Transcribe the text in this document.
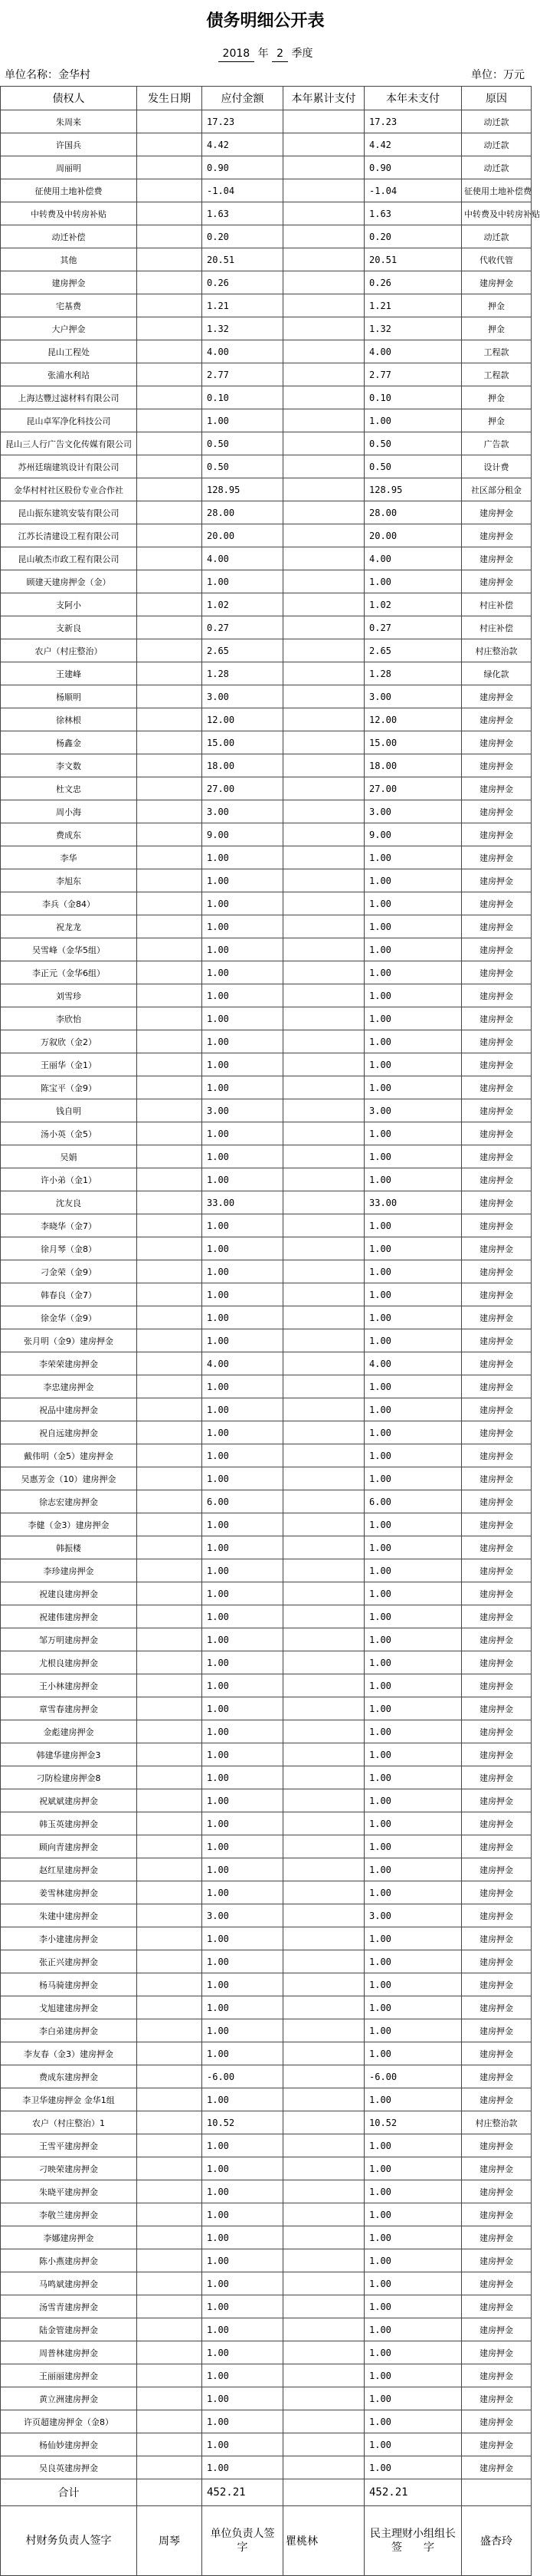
债务明细公开表
2018 年 2 季度
单位名称：金华村	单位：万元
债权人	发生日期	应付金额	本年累计支付	本年未支付	原因
朱周来		17.23		17.23	动迁款
许国兵		4.42		4.42	动迁款
周丽明		0.90		0.90	动迁款
征使用土地补偿费		-1.04		-1.04	征使用土地补偿费
中转费及中转房补贴		1.63		1.63	中转费及中转房补贴
动迁补偿		0.20		0.20	动迁款
其他		20.51		20.51	代收代管
建房押金		0.26		0.26	建房押金
宅基费		1.21		1.21	押金
大户押金		1.32		1.32	押金
昆山工程处		4.00		4.00	工程款
张浦水利站		2.77		2.77	工程款
上海达豐过滤材料有限公司		0.10		0.10	押金
昆山卓军净化科技公司		1.00		1.00	押金
昆山三人行广告文化传媒有限公司		0.50		0.50	广告款
苏州廷瑞建筑设计有限公司		0.50		0.50	设计费
金华村村社区股份专业合作社		128.95		128.95	社区部分租金
昆山振东建筑安装有限公司		28.00		28.00	建房押金
江苏长清建设工程有限公司		20.00		20.00	建房押金
昆山敏杰市政工程有限公司		4.00		4.00	建房押金
顾建天建房押金（金）		1.00		1.00	建房押金
支阿小		1.02		1.02	村庄补偿
支新良		0.27		0.27	村庄补偿
农户（村庄整治）		2.65		2.65	村庄整治款
王建峰		1.28		1.28	绿化款
杨顺明		3.00		3.00	建房押金
徐林根		12.00		12.00	建房押金
杨鑫金		15.00		15.00	建房押金
李文数		18.00		18.00	建房押金
杜文忠		27.00		27.00	建房押金
周小海		3.00		3.00	建房押金
费成东		9.00		9.00	建房押金
李华		1.00		1.00	建房押金
李旭东		1.00		1.00	建房押金
李兵（金84）		1.00		1.00	建房押金
祝龙龙		1.00		1.00	建房押金
吴雪峰（金华5组）		1.00		1.00	建房押金
李正元（金华6组）		1.00		1.00	建房押金
刘雪珍		1.00		1.00	建房押金
李欣怡		1.00		1.00	建房押金
万叙欣（金2）		1.00		1.00	建房押金
王丽华（金1）		1.00		1.00	建房押金
陈宝平（金9）		1.00		1.00	建房押金
钱自明		3.00		3.00	建房押金
汤小英（金5）		1.00		1.00	建房押金
吴娟		1.00		1.00	建房押金
许小弟（金1）		1.00		1.00	建房押金
沈友良		33.00		33.00	建房押金
李晓华（金7）		1.00		1.00	建房押金
徐月琴（金8）		1.00		1.00	建房押金
刁金荣（金9）		1.00		1.00	建房押金
韩春良（金7）		1.00		1.00	建房押金
徐金华（金9）		1.00		1.00	建房押金
张月明（金9）建房押金		1.00		1.00	建房押金
李荣荣建房押金		4.00		4.00	建房押金
李忠建房押金		1.00		1.00	建房押金
祝品中建房押金		1.00		1.00	建房押金
祝自远建房押金		1.00		1.00	建房押金
戴伟明（金5）建房押金		1.00		1.00	建房押金
吴惠芳金（10）建房押金		1.00		1.00	建房押金
徐志宏建房押金		6.00		6.00	建房押金
李健（金3）建房押金		1.00		1.00	建房押金
韩振楼		1.00		1.00	建房押金
李珍建房押金		1.00		1.00	建房押金
祝建良建房押金		1.00		1.00	建房押金
祝建伟建房押金		1.00		1.00	建房押金
邹万明建房押金		1.00		1.00	建房押金
尤根良建房押金		1.00		1.00	建房押金
王小林建房押金		1.00		1.00	建房押金
章雪春建房押金		1.00		1.00	建房押金
金彪建房押金		1.00		1.00	建房押金
韩建华建房押金3		1.00		1.00	建房押金
刁防检建房押金8		1.00		1.00	建房押金
祝斌斌建房押金		1.00		1.00	建房押金
韩玉英建房押金		1.00		1.00	建房押金
顾向青建房押金		1.00		1.00	建房押金
赵红星建房押金		1.00		1.00	建房押金
姜雪林建房押金		1.00		1.00	建房押金
朱建中建房押金		3.00		3.00	建房押金
李小建建房押金		1.00		1.00	建房押金
张正兴建房押金		1.00		1.00	建房押金
杨马骑建房押金		1.00		1.00	建房押金
戈旭建建房押金		1.00		1.00	建房押金
李白弟建房押金		1.00		1.00	建房押金
李友春（金3）建房押金		1.00		1.00	建房押金
费成东建房押金		-6.00		-6.00	建房押金
李卫华建房押金 金华1组		1.00		1.00	建房押金
农户（村庄整治）1		10.52		10.52	村庄整治款
王雪平建房押金		1.00		1.00	建房押金
刁映荣建房押金		1.00		1.00	建房押金
朱晓平建房押金		1.00		1.00	建房押金
李敬兰建房押金		1.00		1.00	建房押金
李娜建房押金		1.00		1.00	建房押金
陈小燕建房押金		1.00		1.00	建房押金
马鸣斌建房押金		1.00		1.00	建房押金
汤雪青建房押金		1.00		1.00	建房押金
陆金管建房押金		1.00		1.00	建房押金
周普林建房押金		1.00		1.00	建房押金
王丽丽建房押金		1.00		1.00	建房押金
黄立洲建房押金		1.00		1.00	建房押金
许页超建房押金（金8）		1.00		1.00	建房押金
杨仙妙建房押金		1.00		1.00	建房押金
吴良英建房押金		1.00		1.00	建房押金
合计		452.21		452.21	
村财务负责人签字	周琴	单位负责人签　　字	瞿桃林	民主理财小组组长签　　字	盛杏玲
